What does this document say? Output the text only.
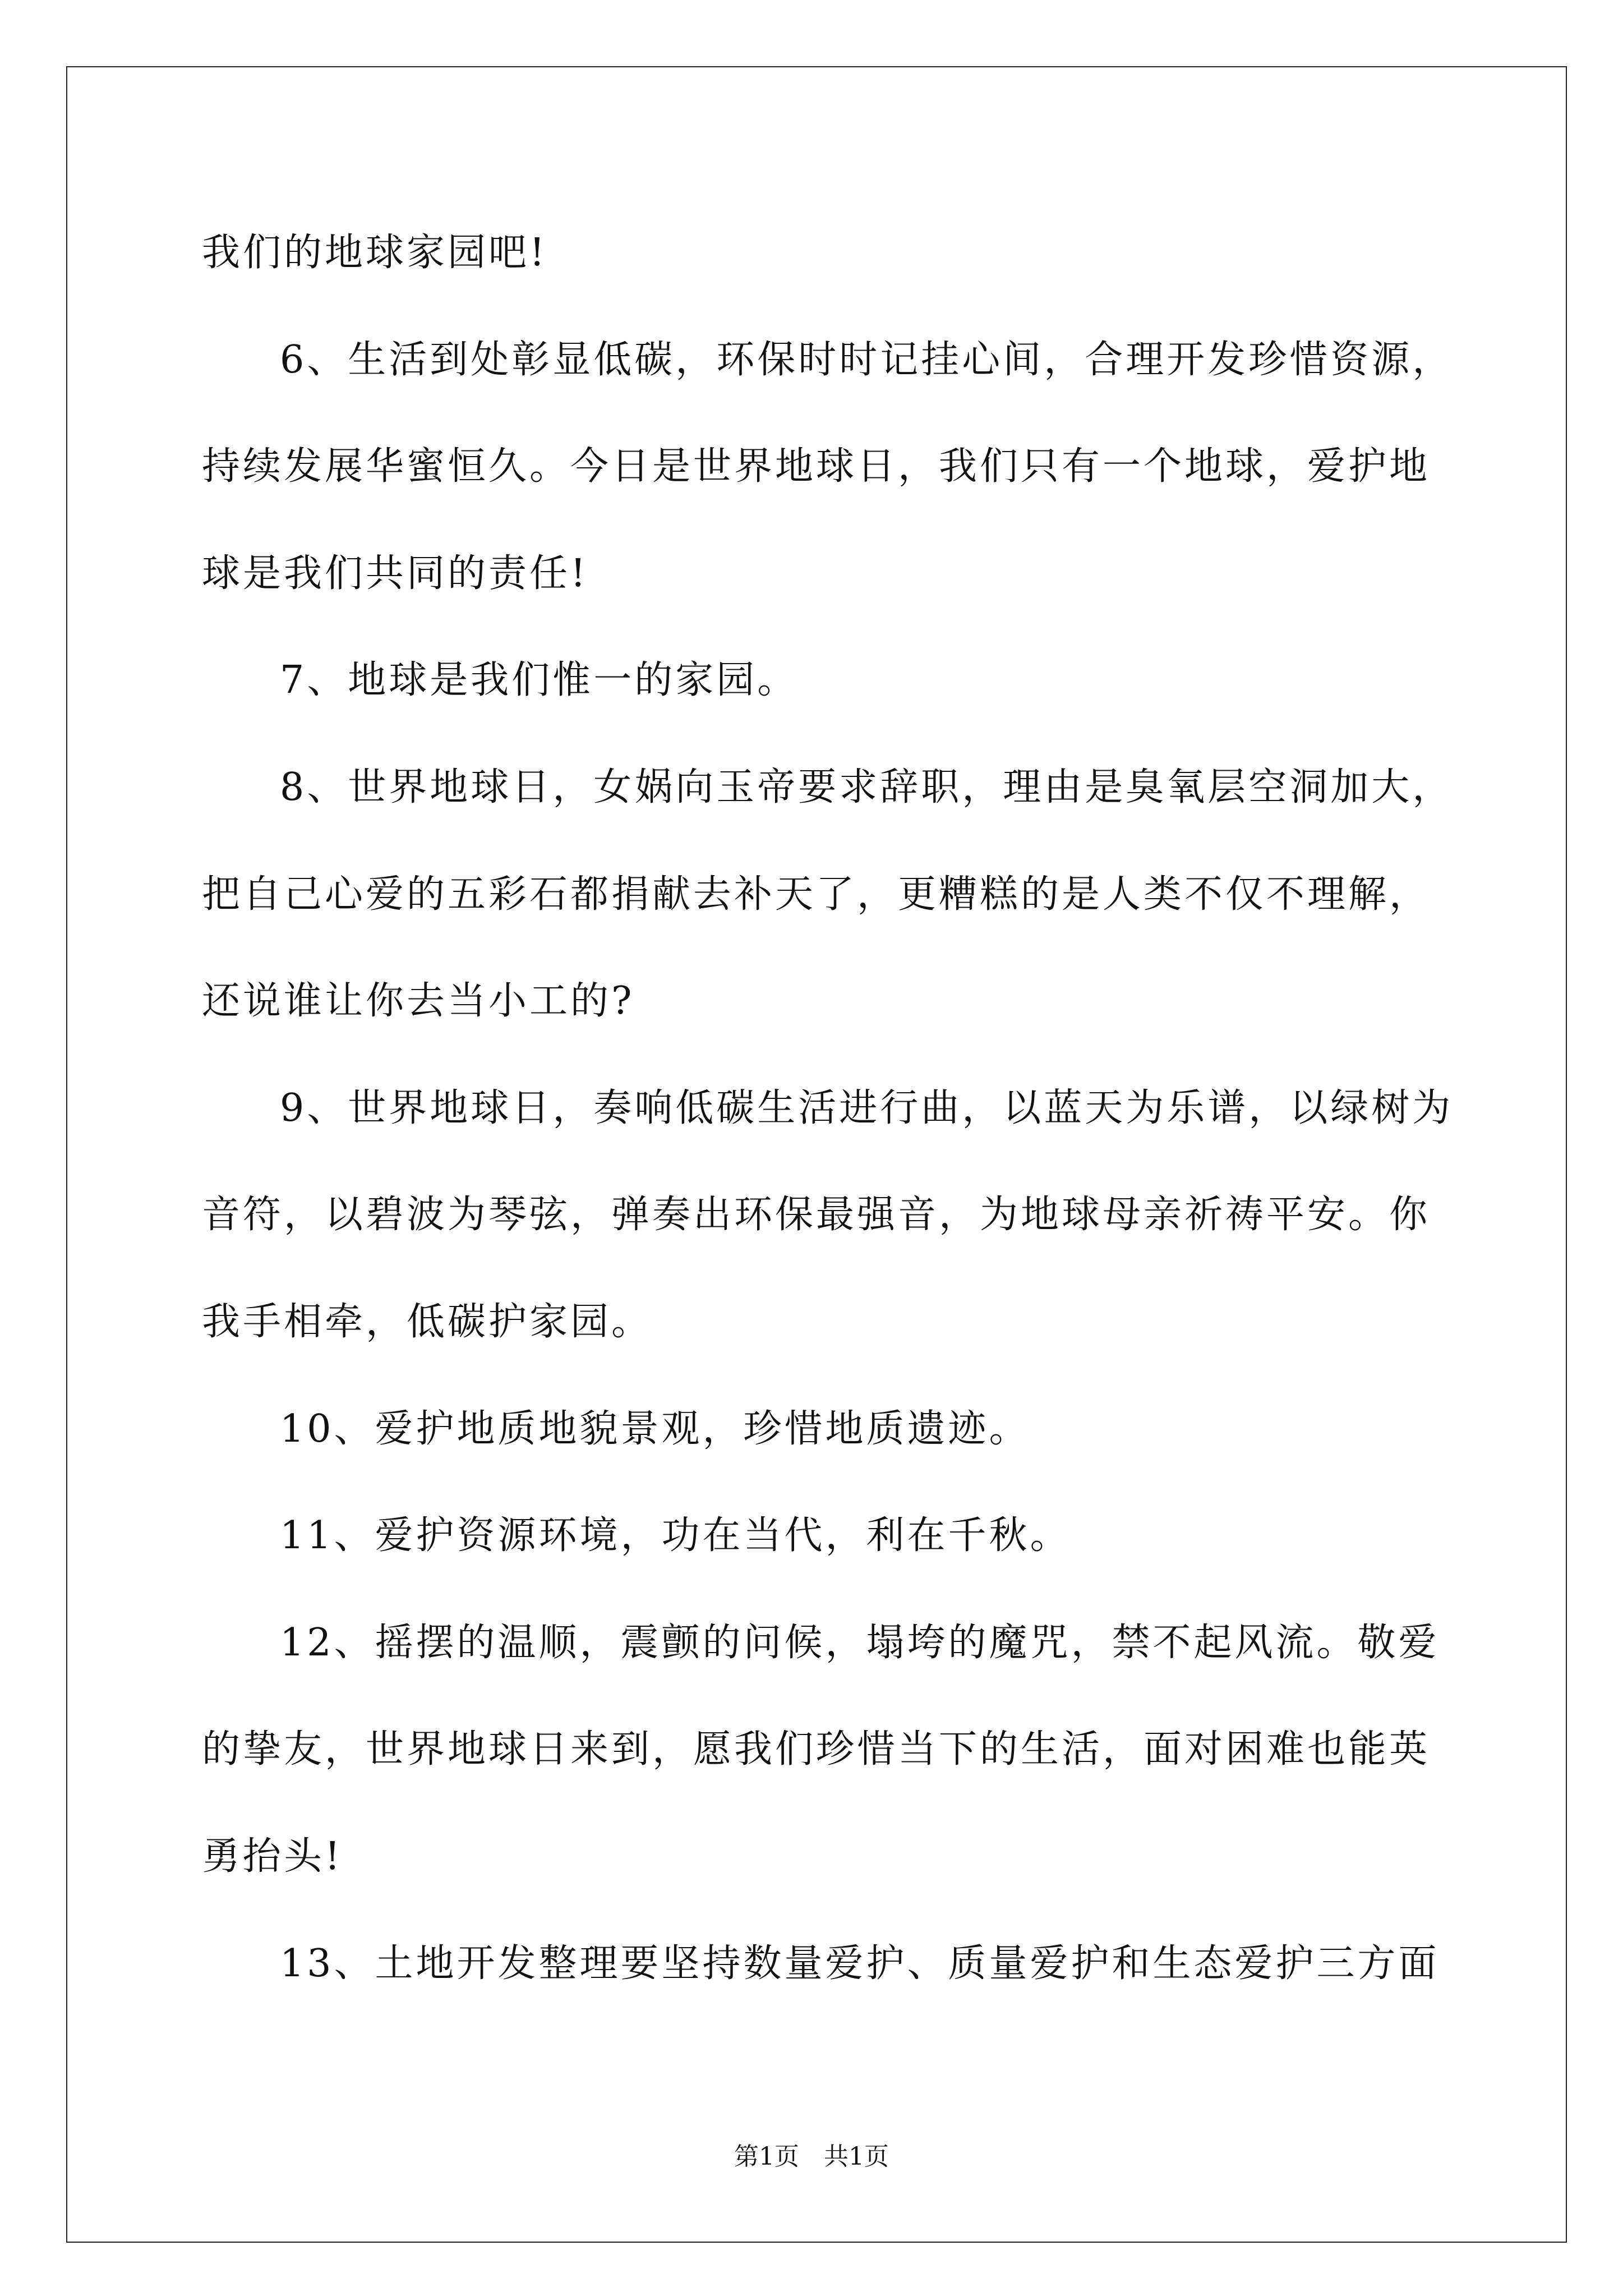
我们的地球家园吧!
6、生活到处彰显低碳，环保时时记挂心间，合理开发珍惜资源，
持续发展华蜜恒久。今日是世界地球日，我们只有一个地球，爱护地
球是我们共同的责任!
7、地球是我们惟一的家园。
8、世界地球日，女娲向玉帝要求辞职，理由是臭氧层空洞加大，
把自己心爱的五彩石都捐献去补天了，更糟糕的是人类不仅不理解，
还说谁让你去当小工的?
9、世界地球日，奏响低碳生活进行曲，以蓝天为乐谱，以绿树为
音符，以碧波为琴弦，弹奏出环保最强音，为地球母亲祈祷平安。你
我手相牵，低碳护家园。
10、爱护地质地貌景观，珍惜地质遗迹。
11、爱护资源环境，功在当代，利在千秋。
12、摇摆的温顺，震颤的问候，塌垮的魔咒，禁不起风流。敬爱
的挚友，世界地球日来到，愿我们珍惜当下的生活，面对困难也能英
勇抬头!
13、土地开发整理要坚持数量爱护、质量爱护和生态爱护三方面
第1页　共1页
